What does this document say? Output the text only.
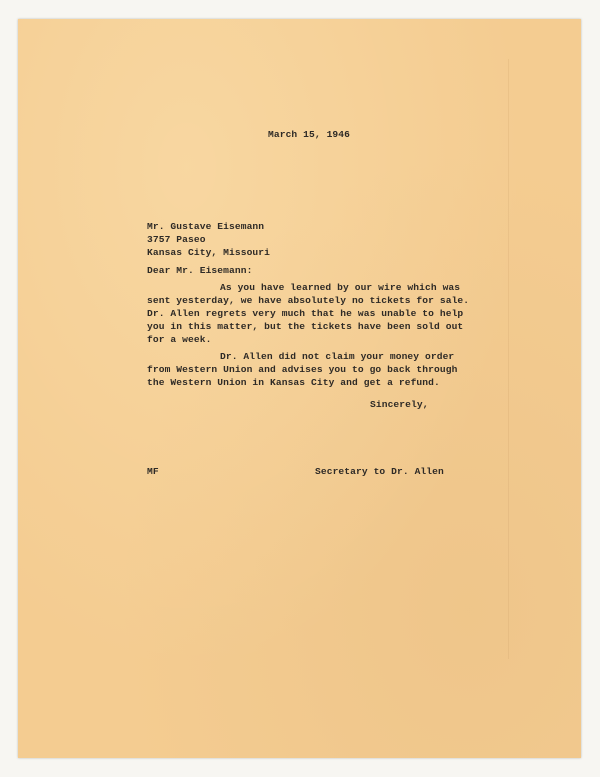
March 15, 1946
Mr. Gustave Eisemann
3757 Paseo
Kansas City, Missouri
Dear Mr. Eisemann:
As you have learned by our wire which was
sent yesterday, we have absolutely no tickets for sale.
Dr. Allen regrets very much that he was unable to help
you in this matter, but the tickets have been sold out
for a week.
Dr. Allen did not claim your money order
from Western Union and advises you to go back through
the Western Union in Kansas City and get a refund.
Sincerely,
MF	Secretary to Dr. Allen
